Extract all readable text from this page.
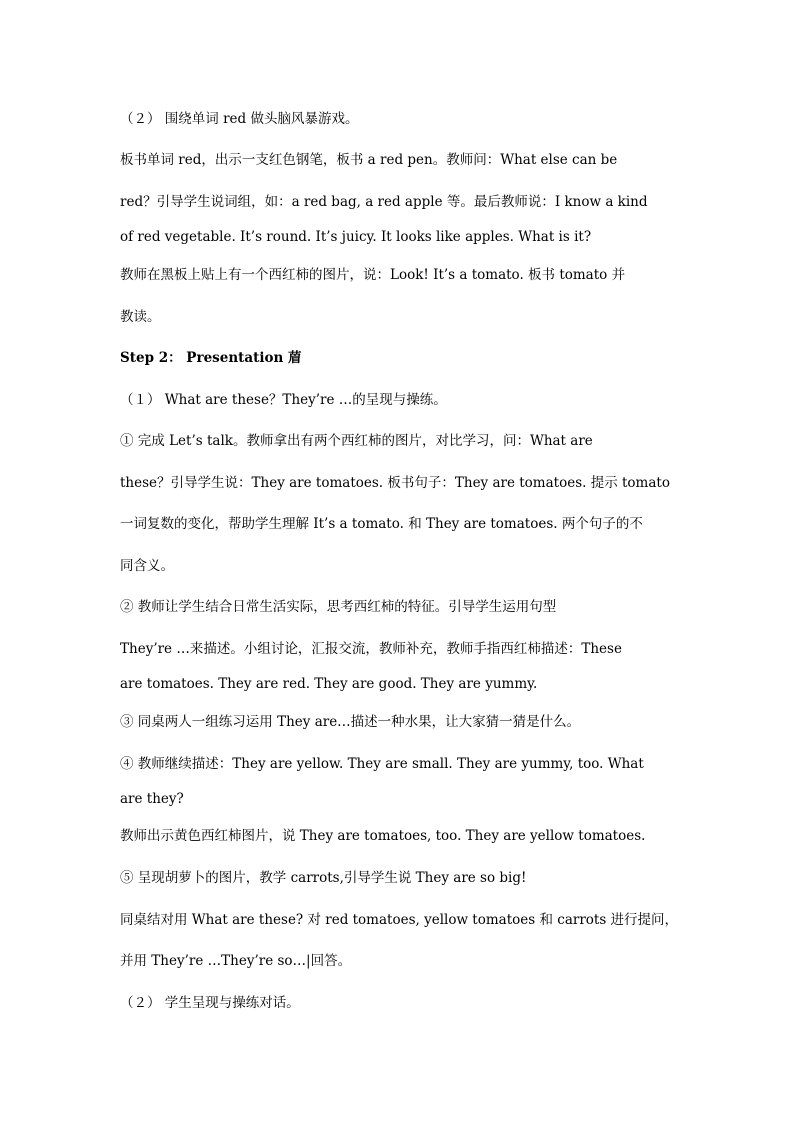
（２） 围绕单词 red 做头脑风暴游戏。
板书单词 red，出示一支红色钢笔，板书 a red pen。教师问：What else can be
red？引导学生说词组，如：a red bag, a red apple 等。最后教师说：I know a kind
of red vegetable. It’s round. It’s juicy. It looks like apples. What is it?
教师在黑板上贴上有一个西红柿的图片，说：Look! It’s a tomato. 板书 tomato 并
教读。
Step 2： Presentation 葿
（１） What are these？They’re …的呈现与操练。
① 完成 Let’s talk。教师拿出有两个西红柿的图片，对比学习，问：What are
these？引导学生说：They are tomatoes. 板书句子：They are tomatoes. 提示 tomato
一词复数的变化，帮助学生理解 It’s a tomato. 和 They are tomatoes. 两个句子的不
同含义。
② 教师让学生结合日常生活实际，思考西红柿的特征。引导学生运用句型
They’re …来描述。小组讨论，汇报交流，教师补充，教师手指西红柿描述：These
are tomatoes. They are red. They are good. They are yummy.
③ 同桌两人一组练习运用 They are…描述一种水果，让大家猜一猜是什么。
④ 教师继续描述：They are yellow. They are small. They are yummy, too. What
are they?
教师出示黄色西红柿图片，说 They are tomatoes, too. They are yellow tomatoes.
⑤ 呈现胡萝卜的图片，教学 carrots,引导学生说 They are so big!
同桌结对用 What are these? 对 red tomatoes, yellow tomatoes 和 carrots 进行提问，
并用 They’re …They’re so…|回答。
（２） 学生呈现与操练对话。
